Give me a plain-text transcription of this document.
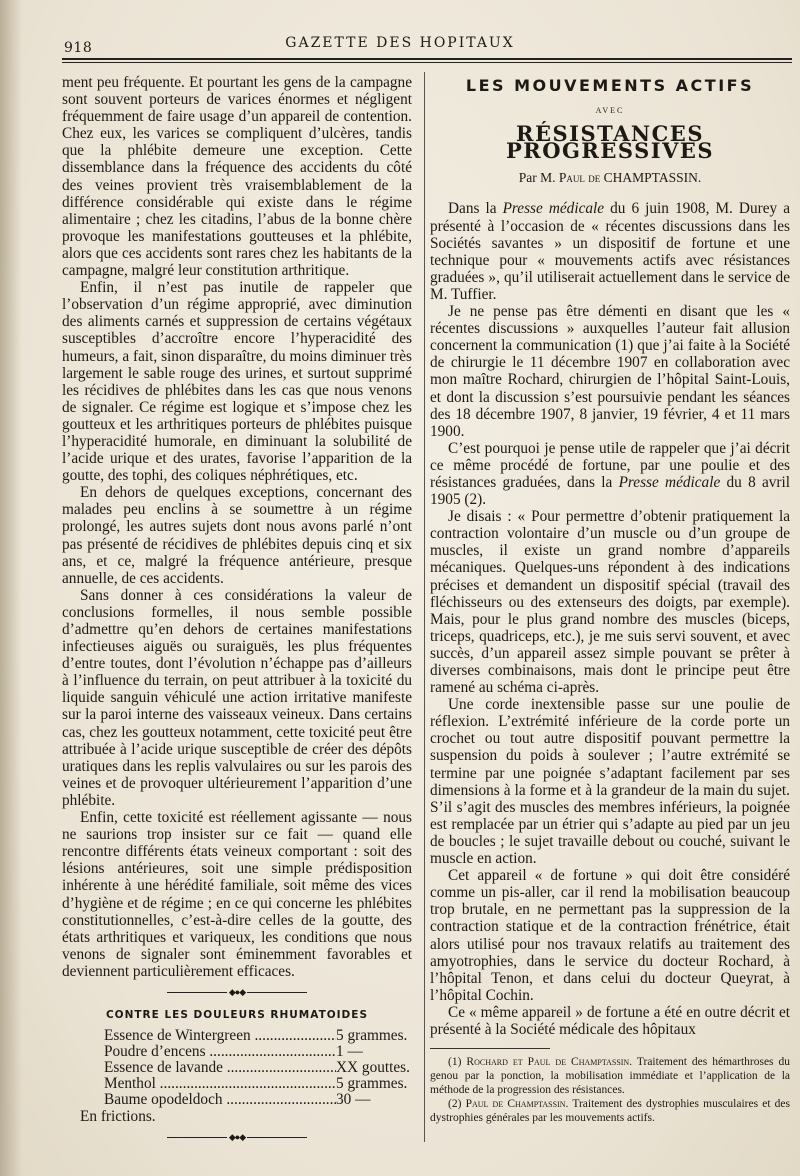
918	GAZETTE DES HOPITAUX

ment peu fréquente. Et pourtant les gens de la campagne sont souvent porteurs de varices énormes et négligent fréquemment de faire usage d’un appareil de contention. Chez eux, les varices se compliquent d’ulcères, tandis que la phlébite demeure une exception. Cette dissemblance dans la fréquence des accidents du côté des veines provient très vraisemblablement de la différence considérable qui existe dans le régime alimentaire ; chez les citadins, l’abus de la bonne chère provoque les manifestations goutteuses et la phlébite, alors que ces accidents sont rares chez les habitants de la campagne, malgré leur constitution arthritique.

Enfin, il n’est pas inutile de rappeler que l’observation d’un régime approprié, avec diminution des aliments carnés et suppression de certains végétaux susceptibles d’accroître encore l’hyperacidité des humeurs, a fait, sinon disparaître, du moins diminuer très largement le sable rouge des urines, et surtout supprimé les récidives de phlébites dans les cas que nous venons de signaler. Ce régime est logique et s’impose chez les goutteux et les arthritiques porteurs de phlébites puisque l’hyperacidité humorale, en diminuant la solubilité de l’acide urique et des urates, favorise l’apparition de la goutte, des tophi, des coliques néphrétiques, etc.

En dehors de quelques exceptions, concernant des malades peu enclins à se soumettre à un régime prolongé, les autres sujets dont nous avons parlé n’ont pas présenté de récidives de phlébites depuis cinq et six ans, et ce, malgré la fréquence antérieure, presque annuelle, de ces accidents.

Sans donner à ces considérations la valeur de conclusions formelles, il nous semble possible d’admettre qu’en dehors de certaines manifestations infectieuses aiguës ou suraiguës, les plus fréquentes d’entre toutes, dont l’évolution n’échappe pas d’ailleurs à l’influence du terrain, on peut attribuer à la toxicité du liquide sanguin véhiculé une action irritative manifeste sur la paroi interne des vaisseaux veineux. Dans certains cas, chez les goutteux notamment, cette toxicité peut être attribuée à l’acide urique susceptible de créer des dépôts uratiques dans les replis valvulaires ou sur les parois des veines et de provoquer ultérieurement l’apparition d’une phlébite.

Enfin, cette toxicité est réellement agissante — nous ne saurions trop insister sur ce fait — quand elle rencontre différents états veineux comportant : soit des lésions antérieures, soit une simple prédisposition inhérente à une hérédité familiale, soit même des vices d’hygiène et de régime ; en ce qui concerne les phlébites constitutionnelles, c’est-à-dire celles de la goutte, des états arthritiques et variqueux, les conditions que nous venons de signaler sont éminemment favorables et deviennent particulièrement efficaces.

◆●◆
CONTRE LES DOULEURS RHUMATOIDES
Essence de Wintergreen .....	5 grammes.
Poudre d’encens .....	1 —
Essence de lavande .....	XX gouttes.
Menthol .....	5 grammes.
Baume opodeldoch .....	30 —

En frictions.

◆●◆
LES MOUVEMENTS ACTIFS
AVEC
RÉSISTANCES PROGRESSIVES
Par M. Paul de CHAMPTASSIN.

Dans la Presse médicale du 6 juin 1908, M. Durey a présenté à l’occasion de « récentes discussions dans les Sociétés savantes » un dispositif de fortune et une technique pour « mouvements actifs avec résistances graduées », qu’il utiliserait actuellement dans le service de M. Tuffier.

Je ne pense pas être démenti en disant que les « récentes discussions » auxquelles l’auteur fait allusion concernent la communication (1) que j’ai faite à la Société de chirurgie le 11 décembre 1907 en collaboration avec mon maître Rochard, chirurgien de l’hôpital Saint-Louis, et dont la discussion s’est poursuivie pendant les séances des 18 décembre 1907, 8 janvier, 19 février, 4 et 11 mars 1900.

C’est pourquoi je pense utile de rappeler que j’ai décrit ce même procédé de fortune, par une poulie et des résistances graduées, dans la Presse médicale du 8 avril 1905 (2).

Je disais : « Pour permettre d’obtenir pratiquement la contraction volontaire d’un muscle ou d’un groupe de muscles, il existe un grand nombre d’appareils mécaniques. Quelques-uns répondent à des indications précises et demandent un dispositif spécial (travail des fléchisseurs ou des extenseurs des doigts, par exemple). Mais, pour le plus grand nombre des muscles (biceps, triceps, quadriceps, etc.), je me suis servi souvent, et avec succès, d’un appareil assez simple pouvant se prêter à diverses combinaisons, mais dont le principe peut être ramené au schéma ci-après.

Une corde inextensible passe sur une poulie de réflexion. L’extrémité inférieure de la corde porte un crochet ou tout autre dispositif pouvant permettre la suspension du poids à soulever ; l’autre extrémité se termine par une poignée s’adaptant facilement par ses dimensions à la forme et à la grandeur de la main du sujet. S’il s’agit des muscles des membres inférieurs, la poignée est remplacée par un étrier qui s’adapte au pied par un jeu de boucles ; le sujet travaille debout ou couché, suivant le muscle en action.

Cet appareil « de fortune » qui doit être considéré comme un pis-aller, car il rend la mobilisation beaucoup trop brutale, en ne permettant pas la suppression de la contraction statique et de la contraction frénétrice, était alors utilisé pour nos travaux relatifs au traitement des amyotrophies, dans le service du docteur Rochard, à l’hôpital Tenon, et dans celui du docteur Queyrat, à l’hôpital Cochin.

Ce « même appareil » de fortune a été en outre décrit et présenté à la Société médicale des hôpitaux

(1) Rochard et Paul de Champtassin. Traitement des hémarthroses du genou par la ponction, la mobilisation immédiate et l’application de la méthode de la progression des résistances.

(2) Paul de Champtassin. Traitement des dystrophies musculaires et des dystrophies générales par les mouvements actifs.
